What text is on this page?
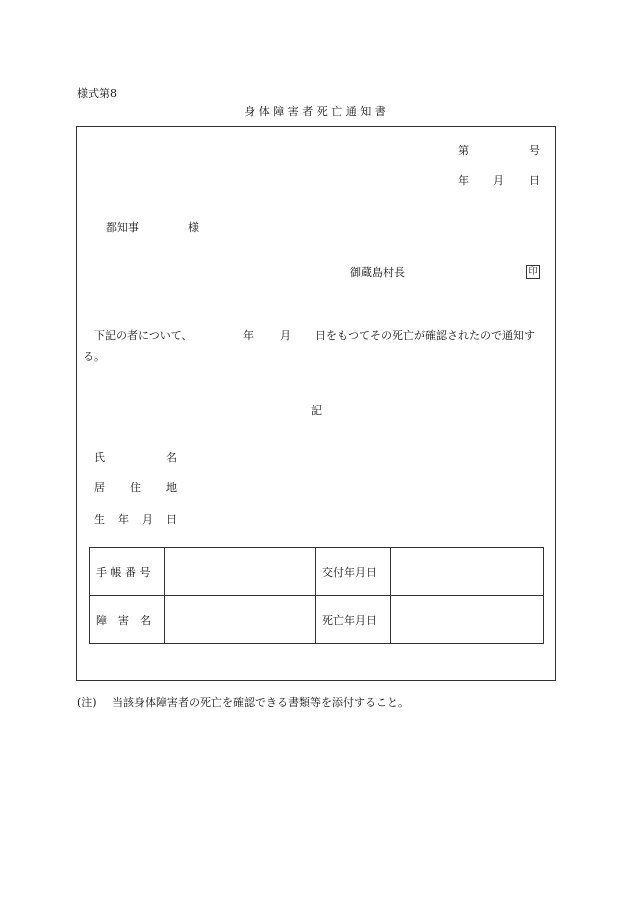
様式第8
身 体 障 害 者 死 亡 通 知 書
第	号
年 月 日
都知事	様
御蔵島村長	印
下記の者について、	年 月 日をもつてその死亡が確認されたので通知す
る。
記
氏	名
居 住 地
生 年 月 日
手 帳 番 号		交付年月日	
障　害　名		死亡年月日	
(注) 当該身体障害者の死亡を確認できる書類等を添付すること。
